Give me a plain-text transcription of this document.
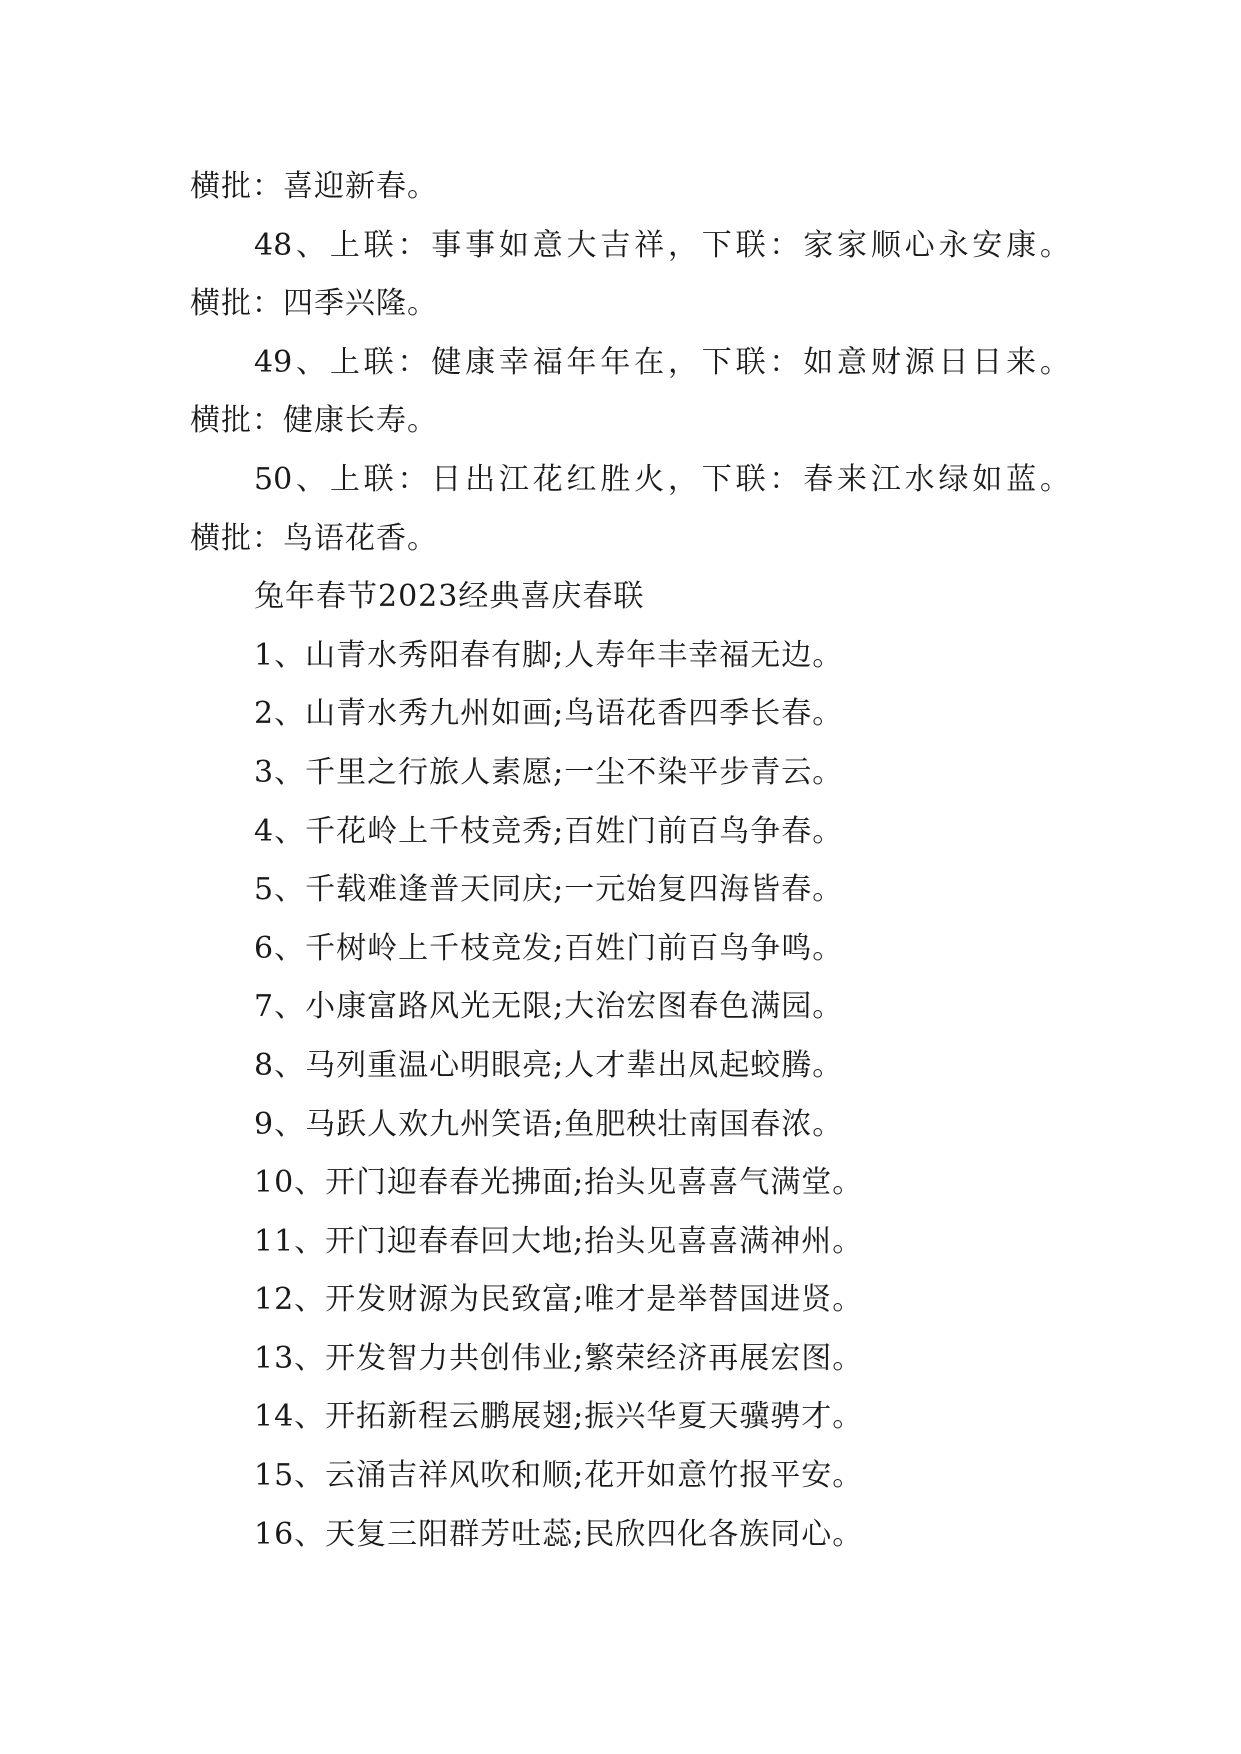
横批：喜迎新春。
48 、 上 联 ： 事 事 如 意 大 吉 祥 ， 下 联 ： 家 家 顺 心 永 安 康 。
横批：四季兴隆。
49 、 上 联 ： 健 康 幸 福 年 年 在 ， 下 联 ： 如 意 财 源 日 日 来 。
横批：健康长寿。
50 、 上 联 ： 日 出 江 花 红 胜 火 ， 下 联 ： 春 来 江 水 绿 如 蓝 。
横批：鸟语花香。
兔年春节2023经典喜庆春联
1、山青水秀阳春有脚;人寿年丰幸福无边。
2、山青水秀九州如画;鸟语花香四季长春。
3、千里之行旅人素愿;一尘不染平步青云。
4、千花岭上千枝竞秀;百姓门前百鸟争春。
5、千载难逢普天同庆;一元始复四海皆春。
6、千树岭上千枝竞发;百姓门前百鸟争鸣。
7、小康富路风光无限;大治宏图春色满园。
8、马列重温心明眼亮;人才辈出凤起蛟腾。
9、马跃人欢九州笑语;鱼肥秧壮南国春浓。
10、开门迎春春光拂面;抬头见喜喜气满堂。
11、开门迎春春回大地;抬头见喜喜满神州。
12、开发财源为民致富;唯才是举替国进贤。
13、开发智力共创伟业;繁荣经济再展宏图。
14、开拓新程云鹏展翅;振兴华夏天骥骋才。
15、云涌吉祥风吹和顺;花开如意竹报平安。
16、天复三阳群芳吐蕊;民欣四化各族同心。
